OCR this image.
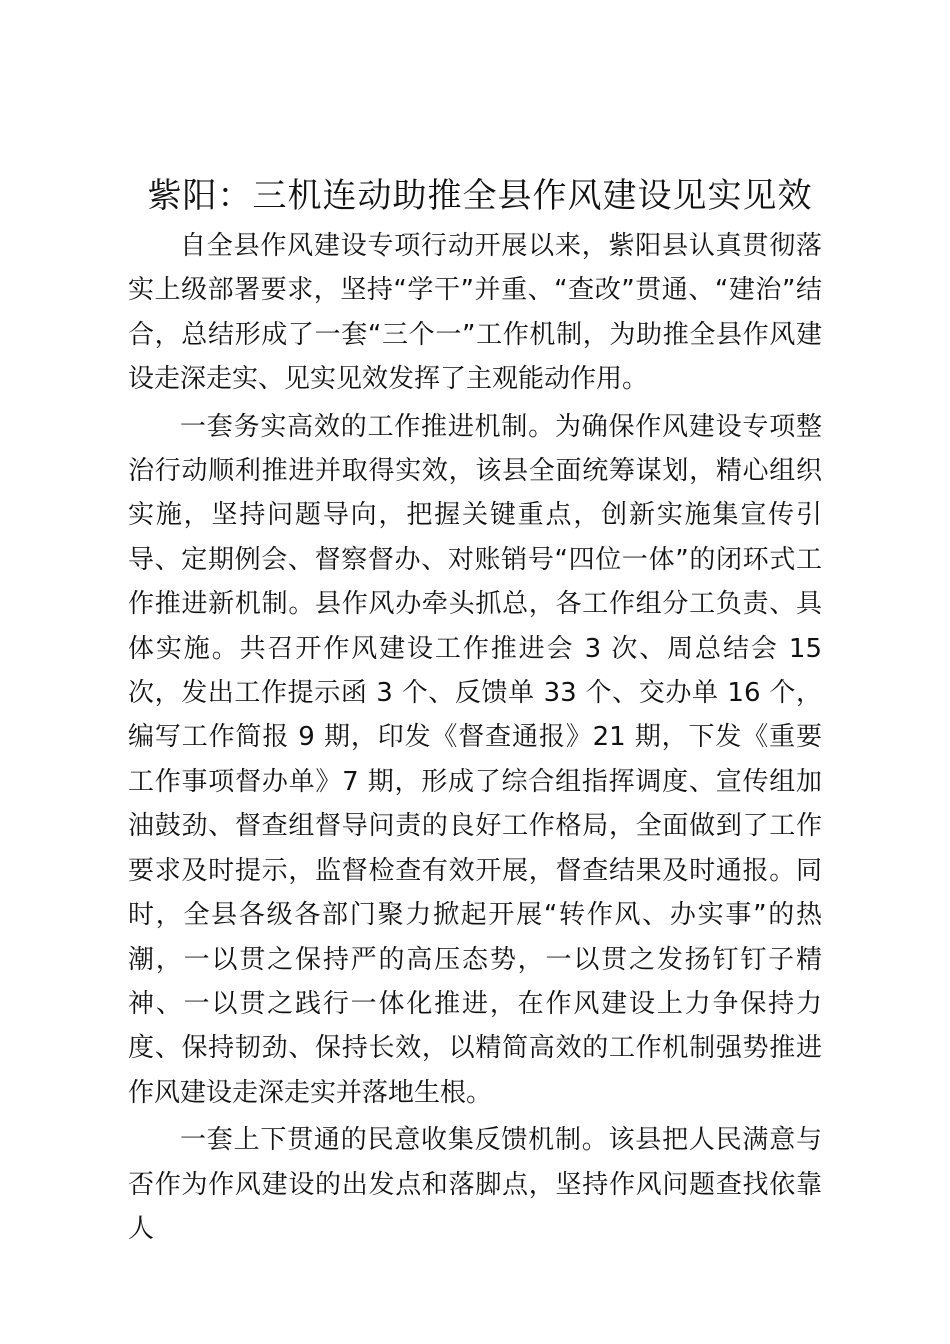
紫阳：三机连动助推全县作风建设见实见效

自全县作风建设专项行动开展以来，紫阳县认真贯彻落实上级部署要求，坚持“学干”并重、“查改”贯通、“建治”结合，总结形成了一套“三个一”工作机制，为助推全县作风建设走深走实、见实见效发挥了主观能动作用。

一套务实高效的工作推进机制。为确保作风建设专项整治行动顺利推进并取得实效，该县全面统筹谋划，精心组织实施，坚持问题导向，把握关键重点，创新实施集宣传引导、定期例会、督察督办、对账销号“四位一体”的闭环式工作推进新机制。县作风办牵头抓总，各工作组分工负责、具体实施。共召开作风建设工作推进会 3 次、周总结会 15 次，发出工作提示函 3 个、反馈单 33 个、交办单 16 个，编写工作简报 9 期，印发《督查通报》21 期，下发《重要工作事项督办单》7 期，形成了综合组指挥调度、宣传组加油鼓劲、督查组督导问责的良好工作格局，全面做到了工作要求及时提示，监督检查有效开展，督查结果及时通报。同时，全县各级各部门聚力掀起开展“转作风、办实事”的热潮，一以贯之保持严的高压态势，一以贯之发扬钉钉子精神、一以贯之践行一体化推进，在作风建设上力争保持力度、保持韧劲、保持长效，以精简高效的工作机制强势推进作风建设走深走实并落地生根。

一套上下贯通的民意收集反馈机制。该县把人民满意与否作为作风建设的出发点和落脚点，坚持作风问题查找依靠人
